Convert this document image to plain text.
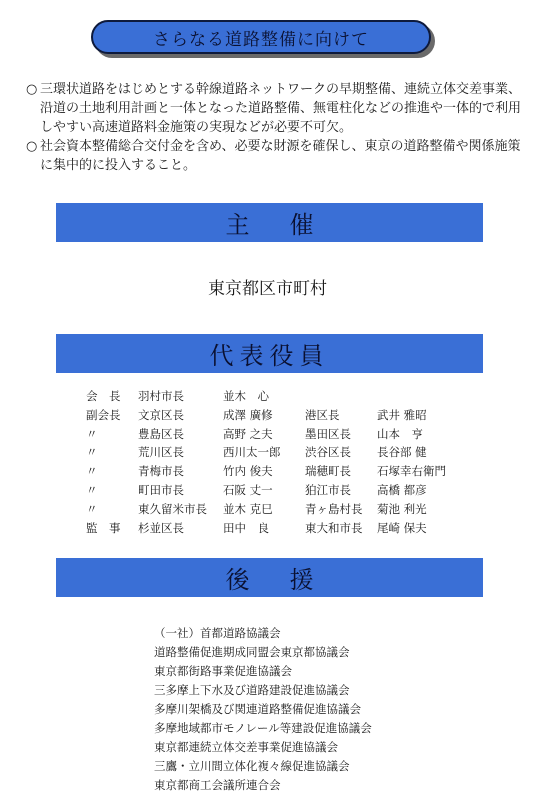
さらなる道路整備に向けて

○ 三環状道路をはじめとする幹線道路ネットワークの早期整備、連続立体交差事業、沿道の土地利用計画と一体となった道路整備、無電柱化などの推進や一体的で利用しやすい高速道路料金施策の実現などが必要不可欠。

○ 社会資本整備総合交付金を含め、必要な財源を確保し、東京の道路整備や関係施策に集中的に投入すること。

主催
東京都区市町村
代表役員
会　長 羽村市長	並木　心
副会長 文京区長	成澤 廣修	港区長	武井 雅昭
〃	豊島区長	高野 之夫	墨田区長 山本　亨
〃	荒川区長	西川太一郎 渋谷区長 長谷部 健
〃	青梅市長	竹内 俊夫	瑞穂町長 石塚幸右衛門
〃	町田市長	石阪 丈一	狛江市長 高橋 都彦
〃	東久留米市長 並木 克巳	青ヶ島村長 菊池 利光
監　事 杉並区長	田中　良	東大和市長 尾崎 保夫
後援
（一社）首都道路協議会
道路整備促進期成同盟会東京都協議会
東京都街路事業促進協議会
三多摩上下水及び道路建設促進協議会
多摩川架橋及び関連道路整備促進協議会
多摩地域都市モノレール等建設促進協議会
東京都連続立体交差事業促進協議会
三鷹・立川間立体化複々線促進協議会
東京都商工会議所連合会
